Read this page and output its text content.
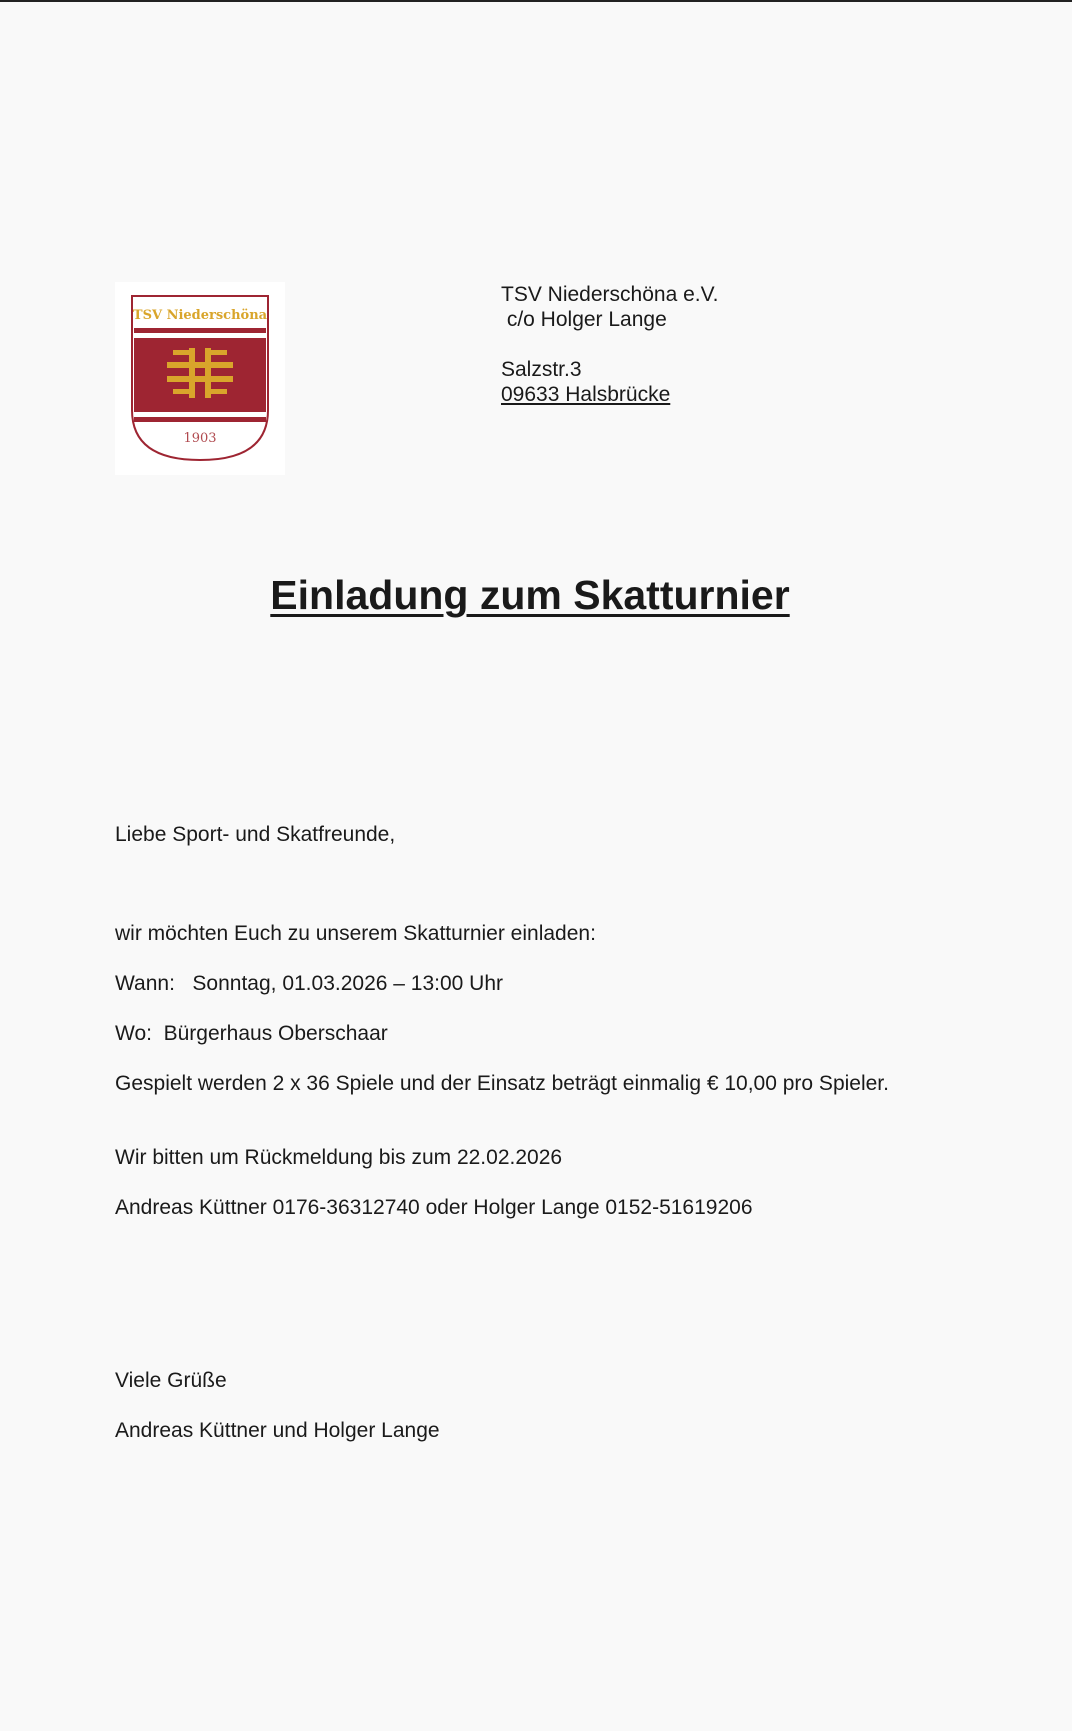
TSV Niederschöna
1903
TSV Niederschöna e.V.
c/o Holger Lange
Salzstr.3
09633 Halsbrücke
Einladung zum Skatturnier
Liebe Sport- und Skatfreunde,
wir möchten Euch zu unserem Skatturnier einladen:
Wann:   Sonntag, 01.03.2026 – 13:00 Uhr
Wo:  Bürgerhaus Oberschaar
Gespielt werden 2 x 36 Spiele und der Einsatz beträgt einmalig € 10,00 pro Spieler.
Wir bitten um Rückmeldung bis zum 22.02.2026
Andreas Küttner 0176-36312740 oder Holger Lange 0152-51619206
Viele Grüße
Andreas Küttner und Holger Lange
